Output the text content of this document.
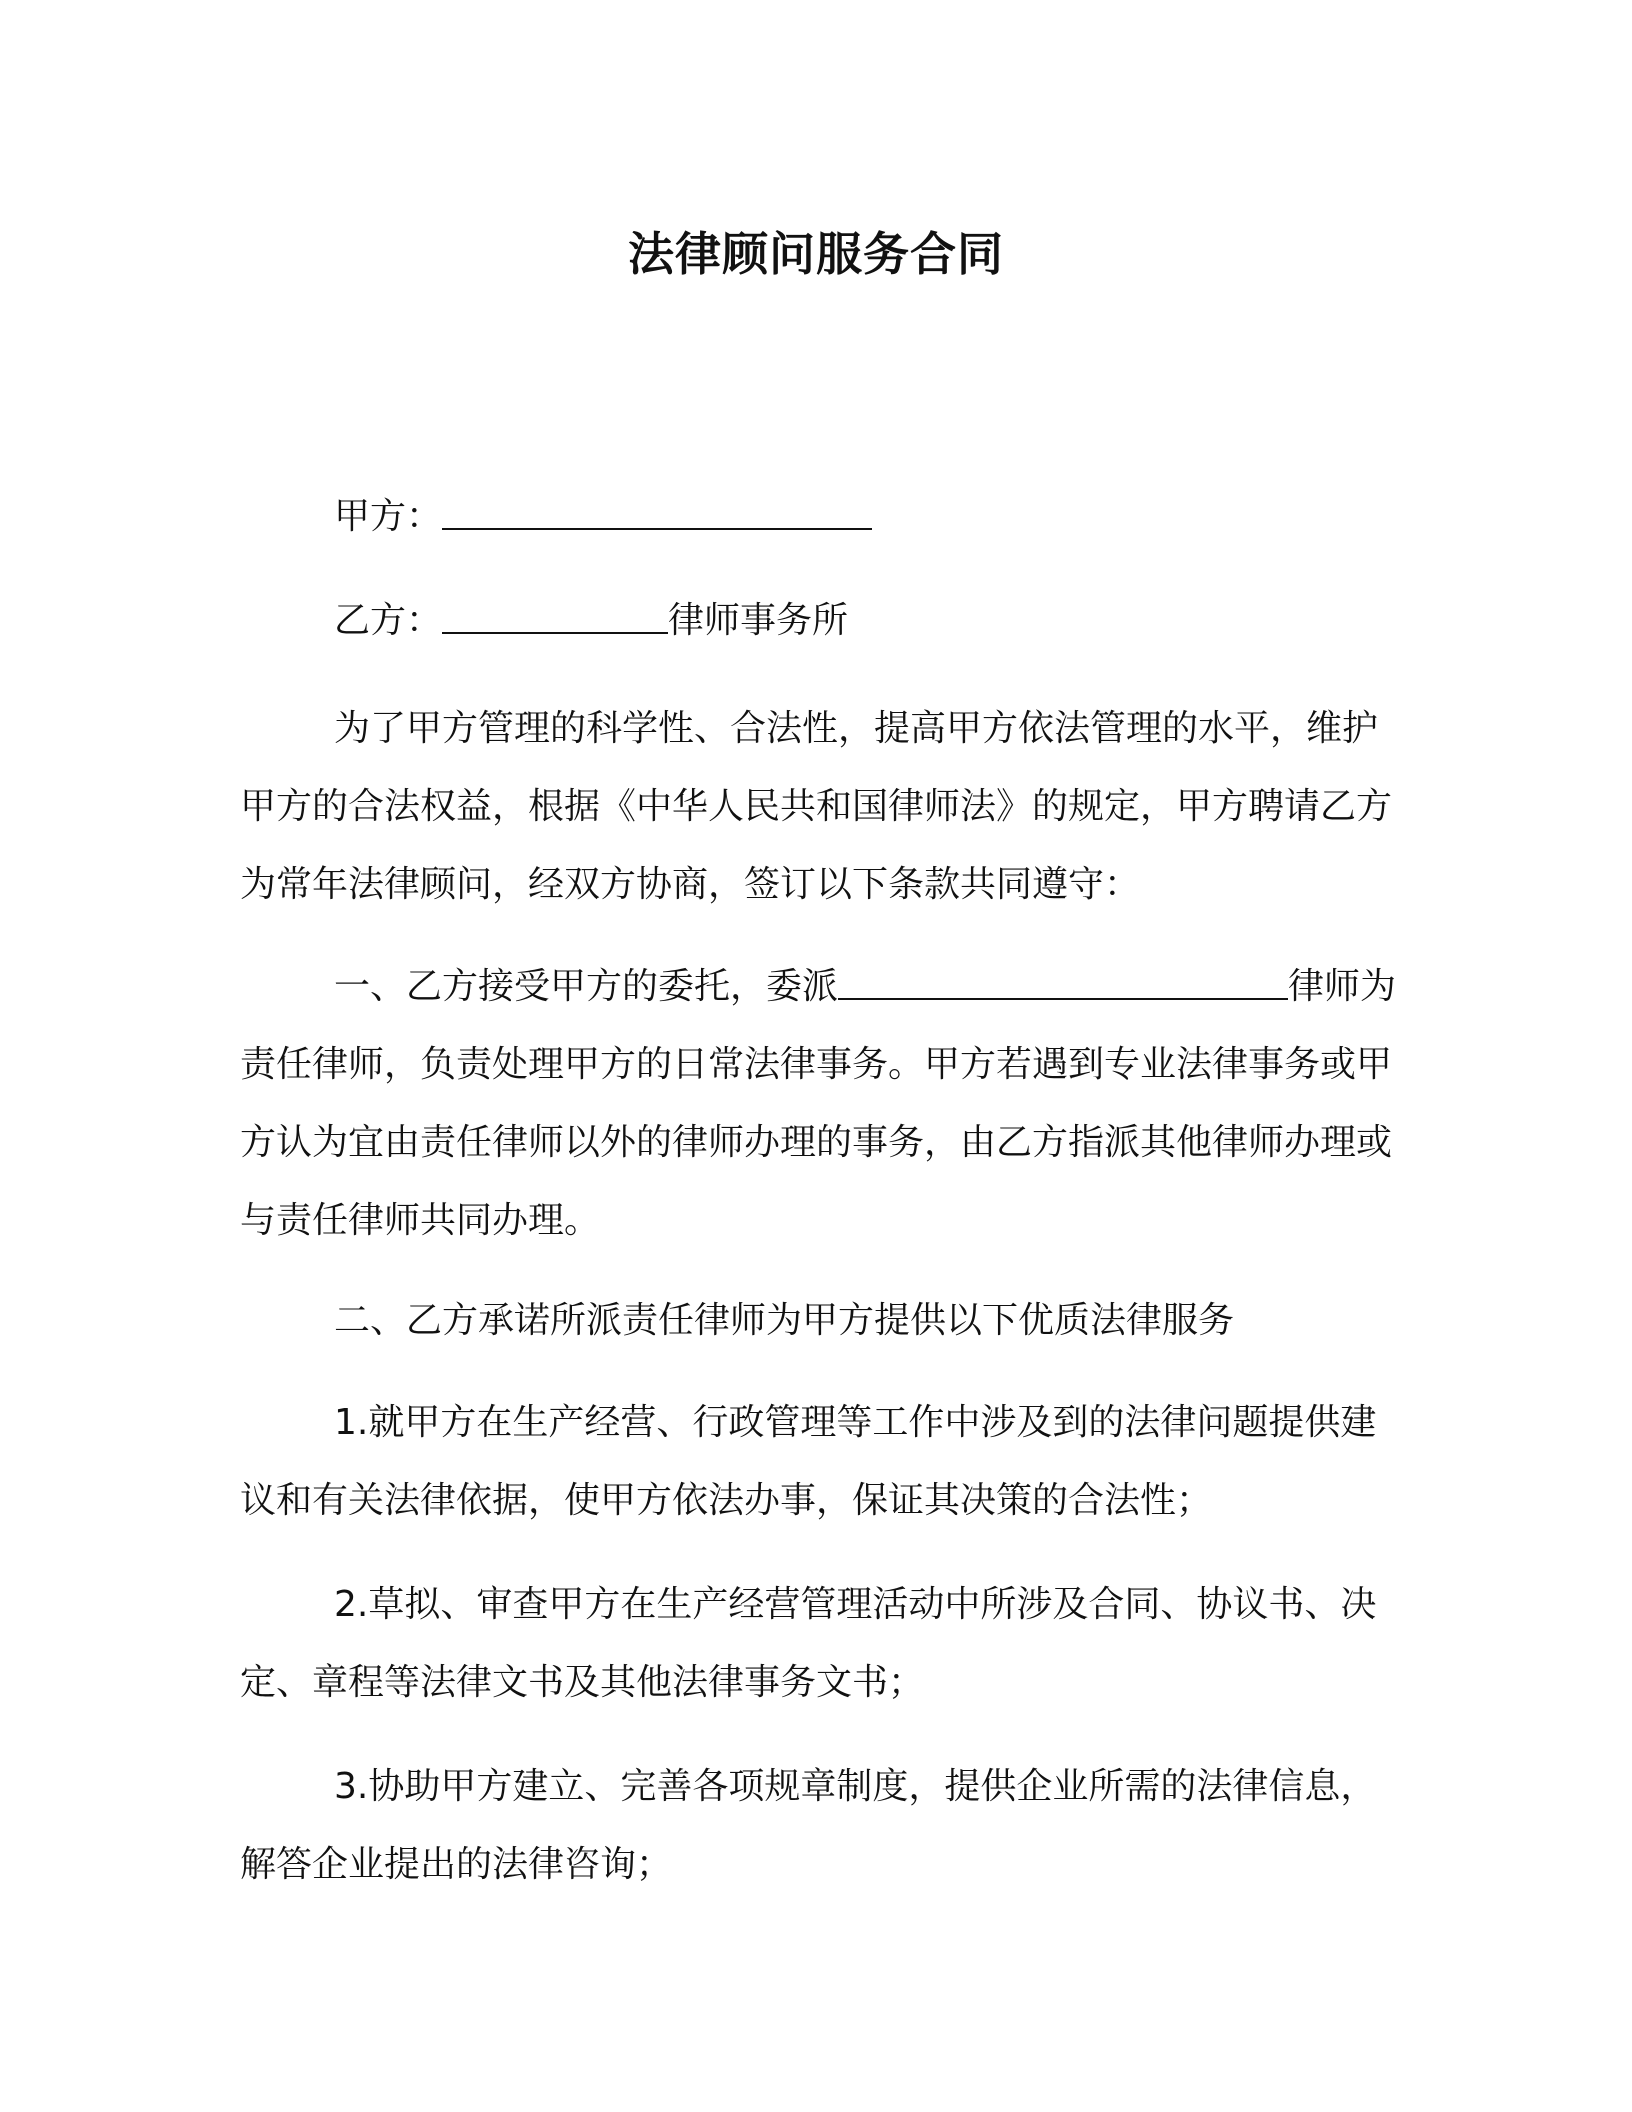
法律顾问服务合同
甲方：
乙方：	律师事务所

为了甲方管理的科学性、合法性，提高甲方依法管理的水平，维护甲方的合法权益，根据《中华人民共和国律师法》的规定，甲方聘请乙方为常年法律顾问，经双方协商，签订以下条款共同遵守：

一、乙方接受甲方的委托，委派	律师为责任律师，负责处理甲方的日常法律事务。甲方若遇到专业法律事务或甲方认为宜由责任律师以外的律师办理的事务，由乙方指派其他律师办理或与责任律师共同办理。

二、乙方承诺所派责任律师为甲方提供以下优质法律服务

1.就甲方在生产经营、行政管理等工作中涉及到的法律问题提供建议和有关法律依据，使甲方依法办事，保证其决策的合法性；

2.草拟、审查甲方在生产经营管理活动中所涉及合同、协议书、决定、章程等法律文书及其他法律事务文书；

3.协助甲方建立、完善各项规章制度，提供企业所需的法律信息，解答企业提出的法律咨询；
